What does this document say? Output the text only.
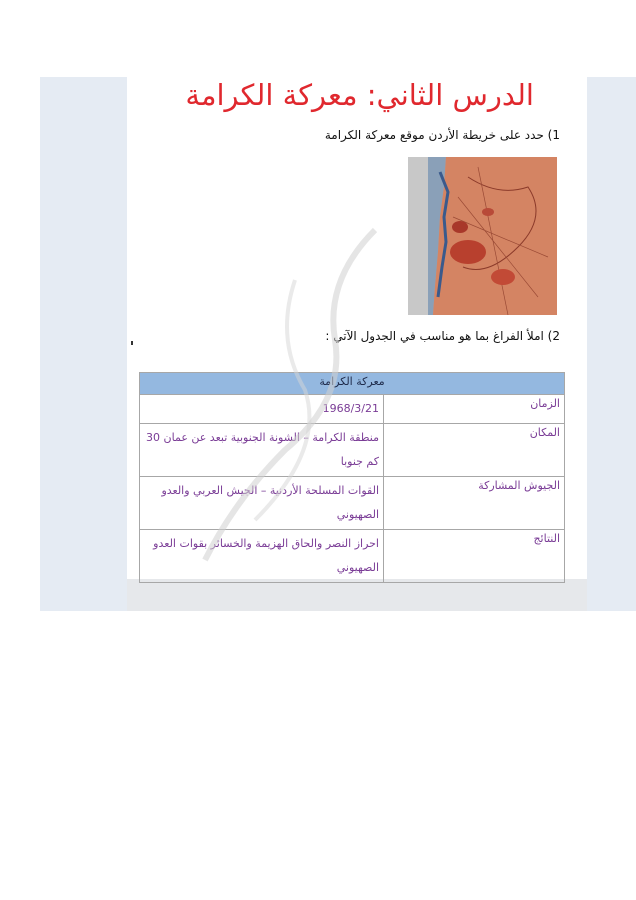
الدرس الثاني: معركة الكرامة
1) حدد على خريطة الأردن موقع معركة الكرامة
2) املأ الفراغ بما هو مناسب في الجدول الآتي :
معركة الكرامة	
الزمان	1968/3/21
المكان	منطقة الكرامة – الشونة الجنوبية تبعد عن عمان 30 كم جنوبا
الجيوش المشاركة	القوات المسلحة الأردنية – الجيش العربي والعدو الصهيوني
النتائج	احراز النصر والحاق الهزيمة والخسائر بقوات العدو الصهيوني
